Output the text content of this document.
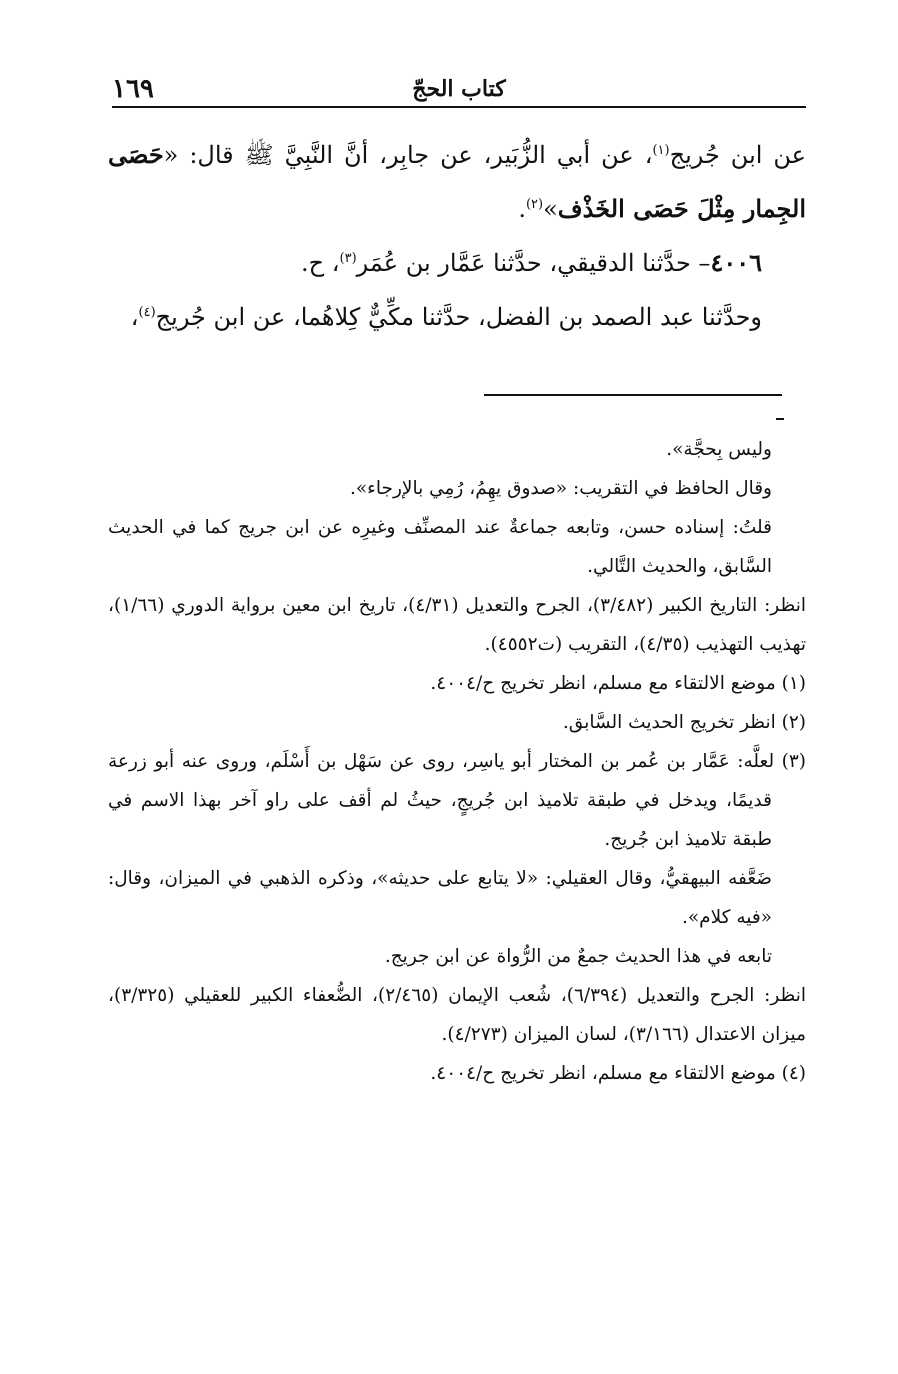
١٦٩	كتاب الحجّ

عن ابن جُريج$^{(١)}$، عن أبي الزُّبَير، عن جابِر، أنَّ النَّبِيَّ ﷺ قال: «حَصَى الجِمار مِثْلَ حَصَى الخَذْف»$^{(٢)}$.

٤٠٠٦– حدَّثنا الدقيقي، حدَّثنا عَمَّار بن عُمَر$^{(٣)}$، ح.

وحدَّثنا عبد الصمد بن الفضل، حدَّثنا مكِّيٌّ كِلاهُما، عن ابن جُريج$^{(٤)}$،

وليس بِحجَّة».

وقال الحافظ في التقريب: «صدوق يهِمُ، رُمِي بالإرجاء».

قلتُ: إسناده حسن، وتابعه جماعةٌ عند المصنِّف وغيرِه عن ابن جريج كما في الحديث السَّابق، والحديث التَّالي.

انظر: التاريخ الكبير (٣/٤٨٢)، الجرح والتعديل (٤/٣١)، تاريخ ابن معين برواية الدوري (١/٦٦)، تهذيب التهذيب (٤/٣٥)، التقريب (ت٤٥٥٢).

(١) موضع الالتقاء مع مسلم، انظر تخريج ح/٤٠٠٤.

(٢) انظر تخريج الحديث السَّابق.

(٣) لعلَّه: عَمَّار بن عُمر بن المختار أبو ياسِر، روى عن سَهْل بن أَسْلَم، وروى عنه أبو زرعة قديمًا، ويدخل في طبقة تلاميذ ابن جُريجٍ، حيثُ لم أقف على راو آخر بهذا الاسم في طبقة تلاميذ ابن جُريج.

ضَعَّفه البيهقيُّ، وقال العقيلي: «لا يتابع على حديثه»، وذكره الذهبي في الميزان، وقال: «فيه كلام».

تابعه في هذا الحديث جمعٌ من الرُّواة عن ابن جريج.

انظر: الجرح والتعديل (٦/٣٩٤)، شُعب الإيمان (٢/٤٦٥)، الضُّعفاء الكبير للعقيلي (٣/٣٢٥)، ميزان الاعتدال (٣/١٦٦)، لسان الميزان (٤/٢٧٣).

(٤) موضع الالتقاء مع مسلم، انظر تخريج ح/٤٠٠٤.
